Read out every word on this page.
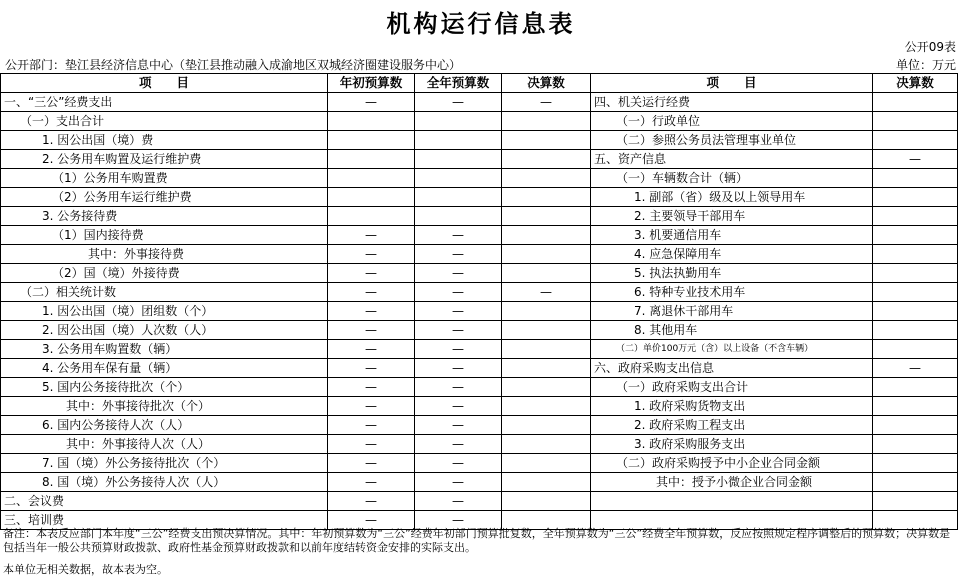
机构运行信息表
公开09表
公开部门：垫江县经济信息中心（垫江县推动融入成渝地区双城经济圈建设服务中心）	单位：万元
项　　目	年初预算数	全年预算数	决算数	项　　目	决算数
一、“三公”经费支出	—	—	—	四、机关运行经费	
（一）支出合计				（一）行政单位	
1. 因公出国（境）费				（二）参照公务员法管理事业单位	
2. 公务用车购置及运行维护费				五、资产信息	—
（1）公务用车购置费				（一）车辆数合计（辆）	
（2）公务用车运行维护费				1. 副部（省）级及以上领导用车	
3. 公务接待费				2. 主要领导干部用车	
（1）国内接待费	—	—		3. 机要通信用车	
其中：外事接待费	—	—		4. 应急保障用车	
（2）国（境）外接待费	—	—		5. 执法执勤用车	
（二）相关统计数	—	—	—	6. 特种专业技术用车	
1. 因公出国（境）团组数（个）	—	—		7. 离退休干部用车	
2. 因公出国（境）人次数（人）	—	—		8. 其他用车	
3. 公务用车购置数（辆）	—	—		（二）单价100万元（含）以上设备（不含车辆）	
4. 公务用车保有量（辆）	—	—		六、政府采购支出信息	—
5. 国内公务接待批次（个）	—	—		（一）政府采购支出合计	
其中：外事接待批次（个）	—	—		1. 政府采购货物支出	
6. 国内公务接待人次（人）	—	—		2. 政府采购工程支出	
其中：外事接待人次（人）	—	—		3. 政府采购服务支出	
7. 国（境）外公务接待批次（个）	—	—		（二）政府采购授予中小企业合同金额	
8. 国（境）外公务接待人次（人）	—	—		其中：授予小微企业合同金额	
二、会议费	—	—			
三、培训费	—	—			
备注：本表反应部门本年度“三公”经费支出预决算情况。其中：年初预算数为“三公”经费年初部门预算批复数，全年预算数为“三公”经费全年预算数，反应按照规定程序调整后的预算数；决算数是包括当年一般公共预算财政拨款、政府性基金预算财政拨款和以前年度结转资金安排的实际支出。
本单位无相关数据，故本表为空。
